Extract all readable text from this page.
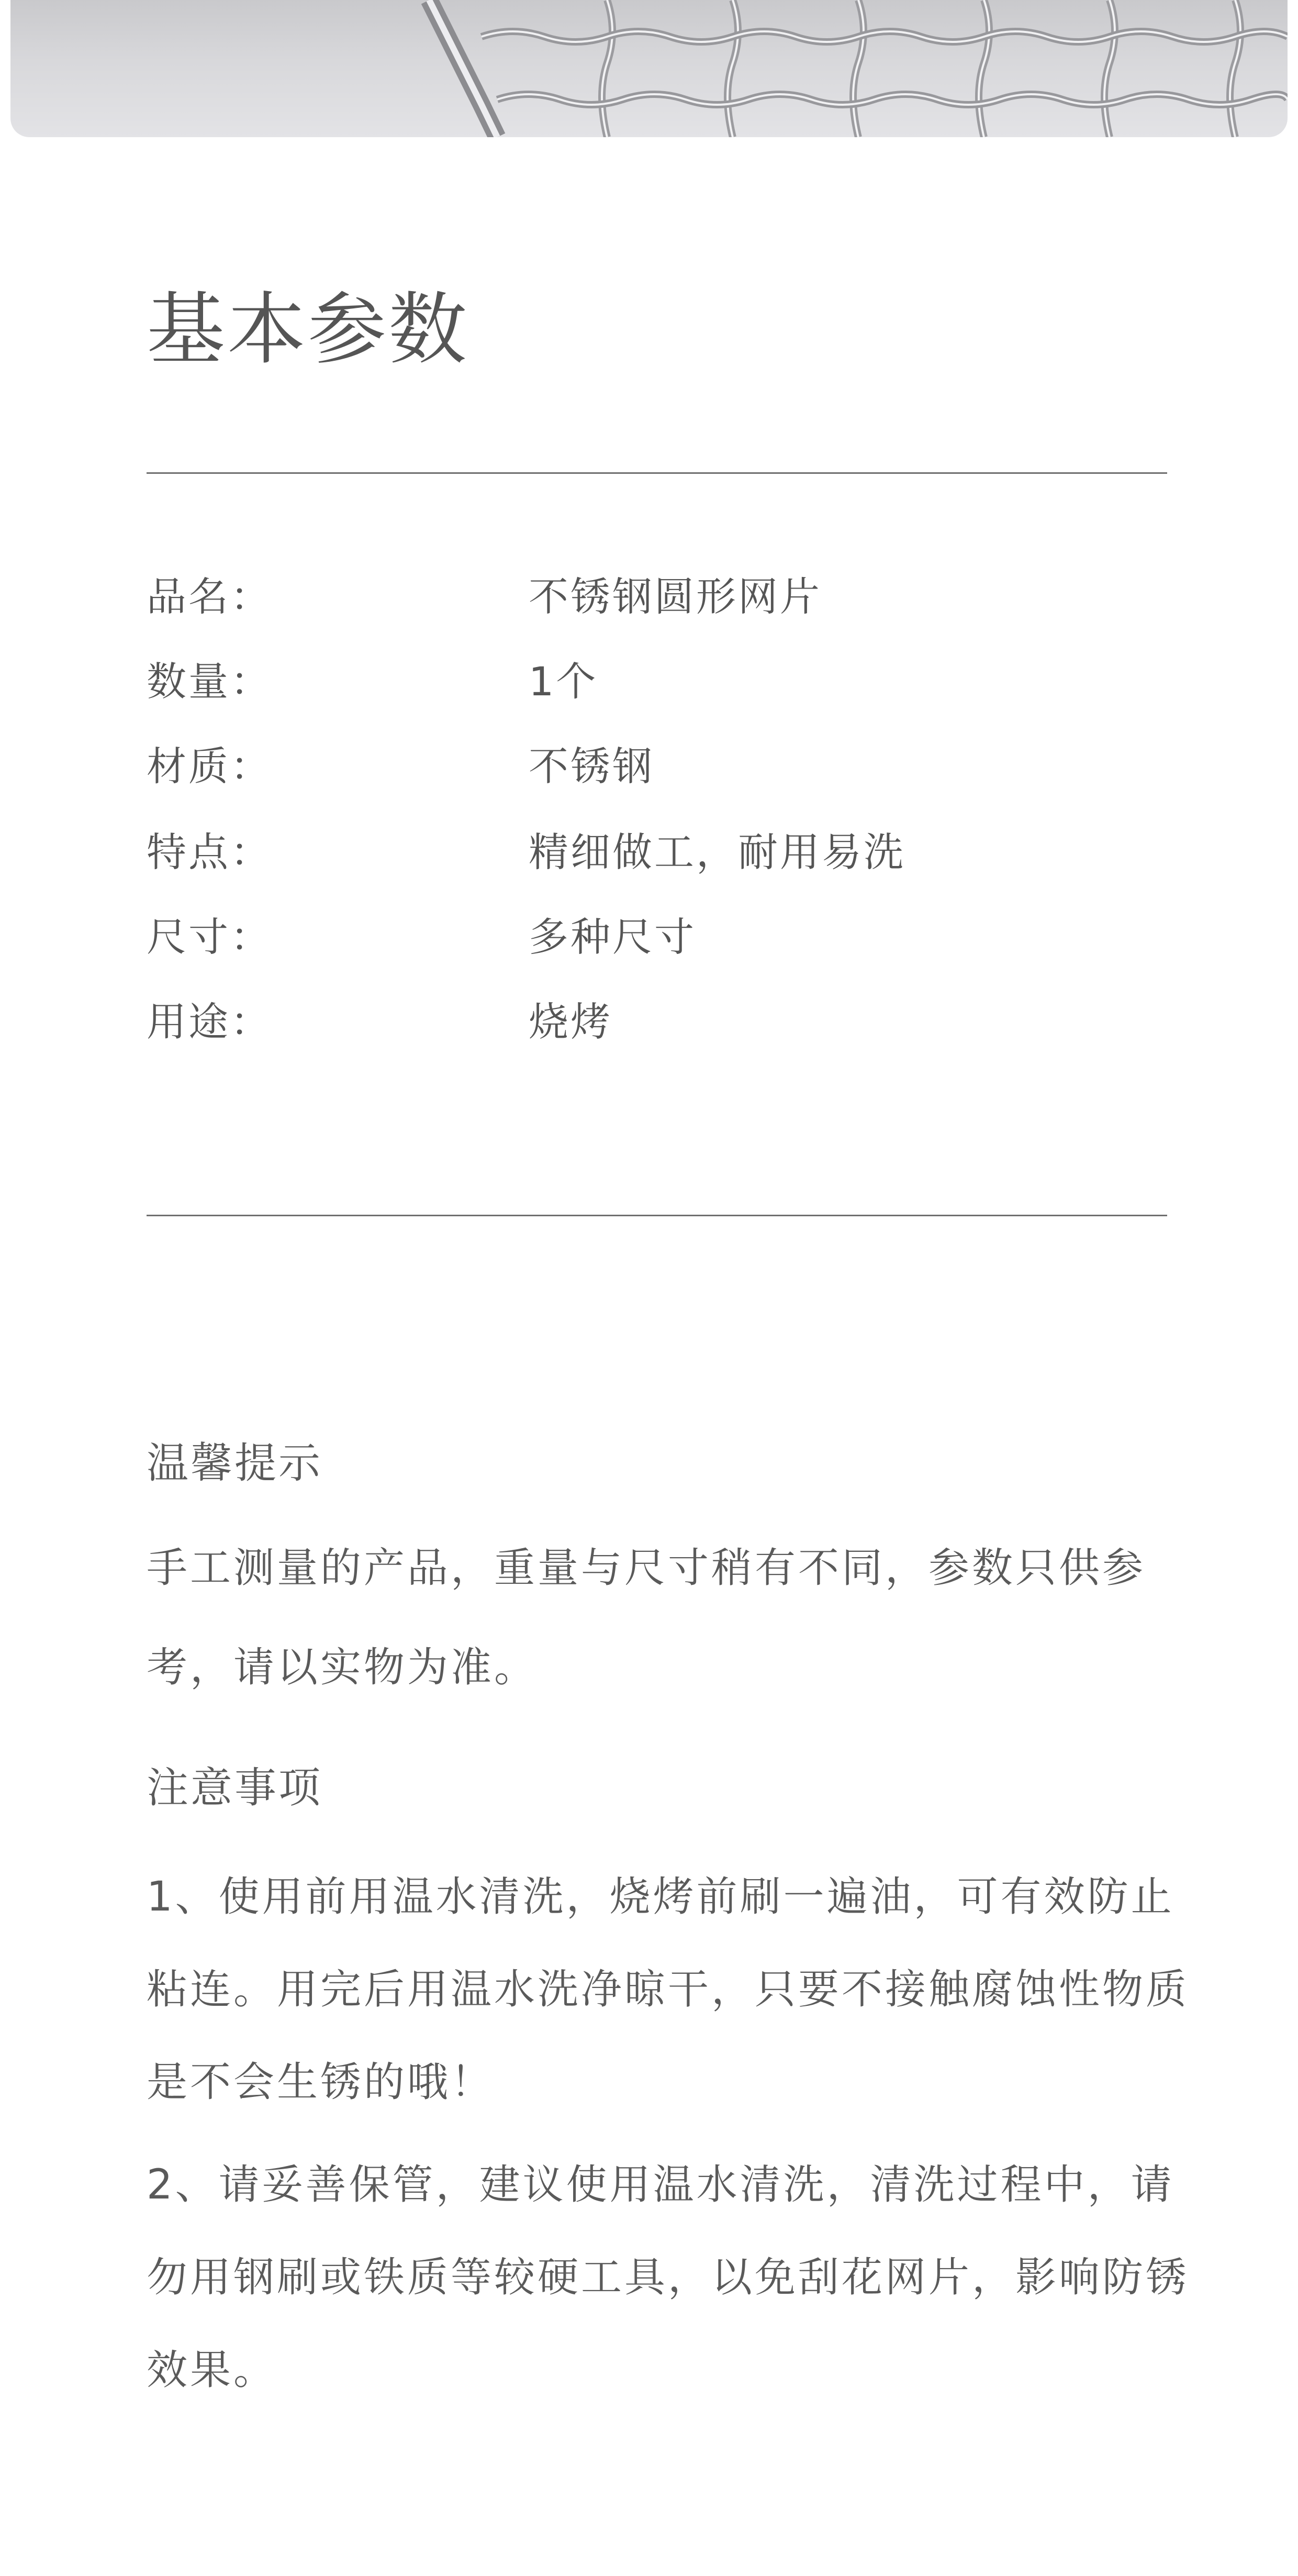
基本参数
品名：	不锈钢圆形网片
数量：	1个
材质：	不锈钢
特点：	精细做工，耐用易洗
尺寸：	多种尺寸
用途：	烧烤
温馨提示
手工测量的产品，重量与尺寸稍有不同，参数只供参考，请以实物为准。
注意事项
1、使用前用温水清洗，烧烤前刷一遍油，可有效防止粘连。用完后用温水洗净晾干，只要不接触腐蚀性物质是不会生锈的哦！
2、请妥善保管，建议使用温水清洗，清洗过程中，请勿用钢刷或铁质等较硬工具，以免刮花网片，影响防锈效果。
